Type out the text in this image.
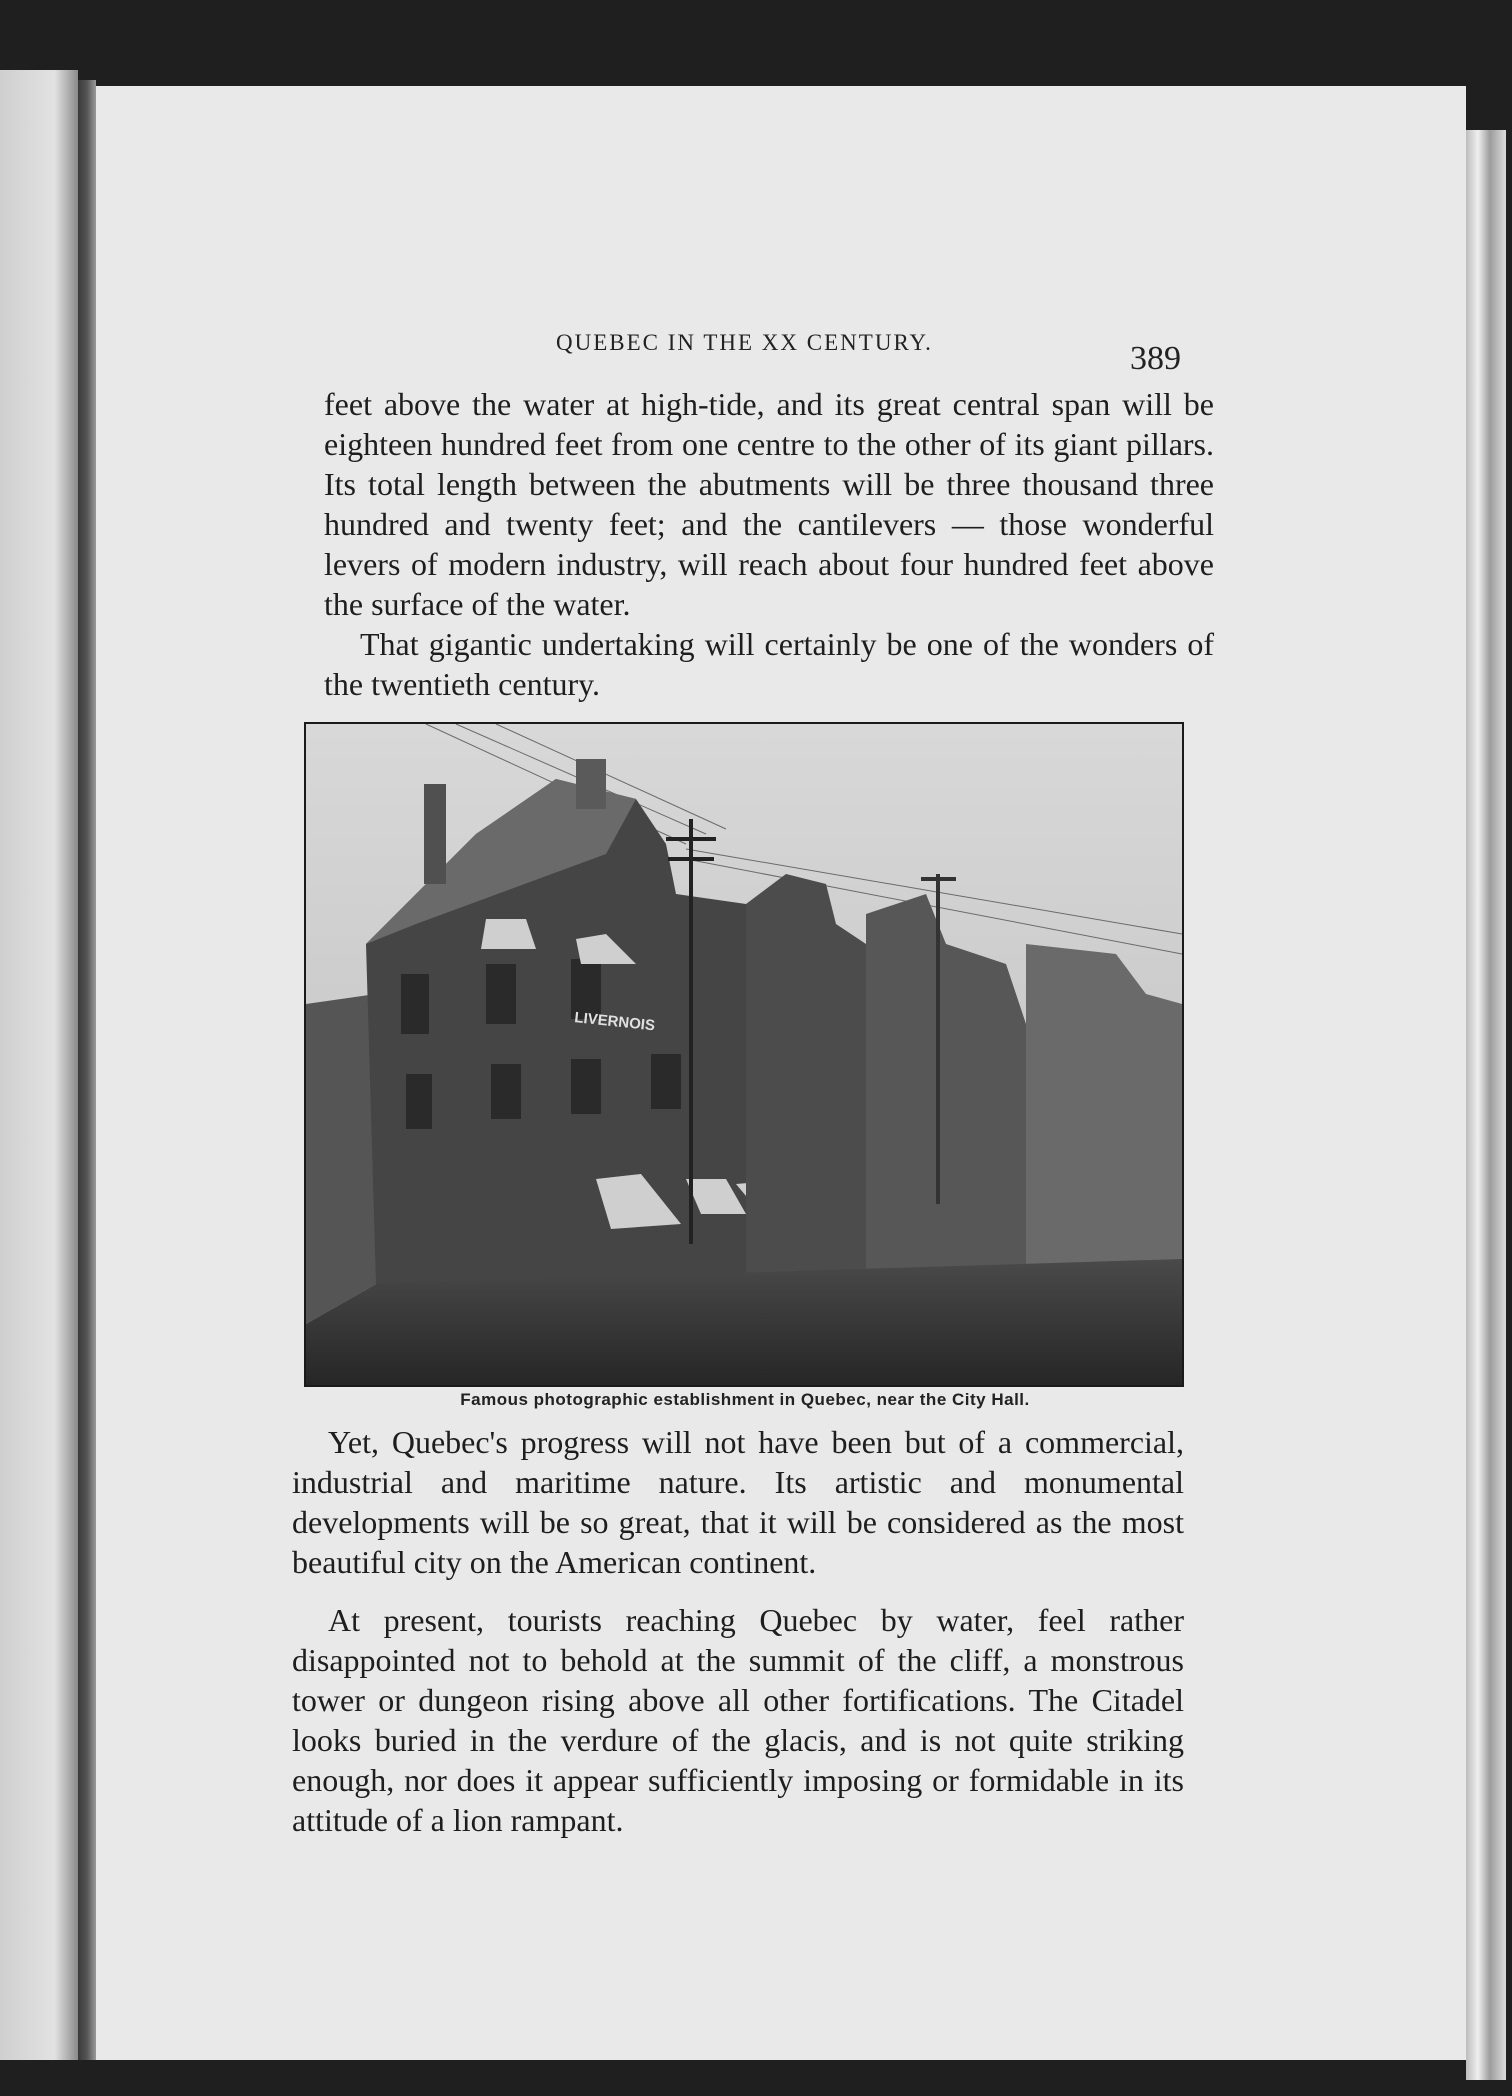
QUEBEC IN THE XX CENTURY.	389

feet above the water at high-tide, and its great central span will be eighteen hundred feet from one centre to the other of its giant pillars. Its total length between the abutments will be three thousand three hundred and twenty feet; and the cantilevers — those wonderful levers of modern industry, will reach about four hundred feet above the surface of the water.

That gigantic undertaking will certainly be one of the wonders of the twentieth century.

LIVERNOIS
Famous photographic establishment in Quebec, near the City Hall.

Yet, Quebec's progress will not have been but of a commercial, industrial and maritime nature. Its artistic and monumental developments will be so great, that it will be considered as the most beautiful city on the American continent.

At present, tourists reaching Quebec by water, feel rather disappointed not to behold at the summit of the cliff, a monstrous tower or dungeon rising above all other fortifications. The Citadel looks buried in the verdure of the glacis, and is not quite striking enough, nor does it appear sufficiently imposing or formidable in its attitude of a lion rampant.
